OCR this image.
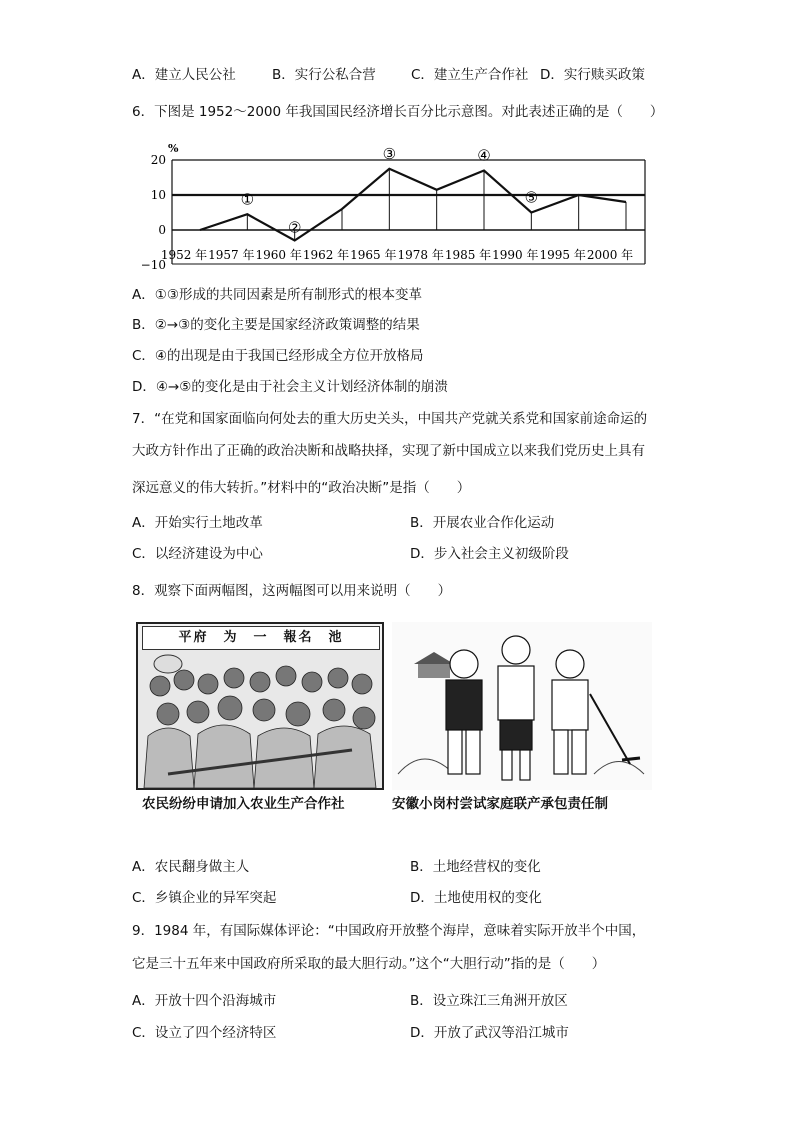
A．建立人民公社	B．实行公私合营	C．建立生产合作社 D．实行赎买政策
6．下图是 1952～2000 年我国国民经济增长百分比示意图。对此表述正确的是（　　）
20
10
0
−10
%
1952 年 1957 年 1960 年 1962 年 1965 年 1978 年 1985 年 1990 年 1995 年 2000 年
①
②
③	④
⑤
A．①③形成的共同因素是所有制形式的根本变革
B．②→③的变化主要是国家经济政策调整的结果
C．④的出现是由于我国已经形成全方位开放格局
D．④→⑤的变化是由于社会主义计划经济体制的崩溃
7．“在党和国家面临向何处去的重大历史关头，中国共产党就关系党和国家前途命运的
大政方针作出了正确的政治决断和战略抉择，实现了新中国成立以来我们党历史上具有
深远意义的伟大转折。”材料中的“政治决断”是指（　　）
A．开始实行土地改革	B．开展农业合作化运动
C．以经济建设为中心	D．步入社会主义初级阶段
8．观察下面两幅图，这两幅图可以用来说明（　　）
平府　为　一　報名　池
农民纷纷申请加入农业生产合作社	安徽小岗村尝试家庭联产承包责任制
A．农民翻身做主人	B．土地经营权的变化
C．乡镇企业的异军突起	D．土地使用权的变化
9．1984 年，有国际媒体评论：“中国政府开放整个海岸，意味着实际开放半个中国，
它是三十五年来中国政府所采取的最大胆行动。”这个“大胆行动”指的是（　　）
A．开放十四个沿海城市	B．设立珠江三角洲开放区
C．设立了四个经济特区	D．开放了武汉等沿江城市
